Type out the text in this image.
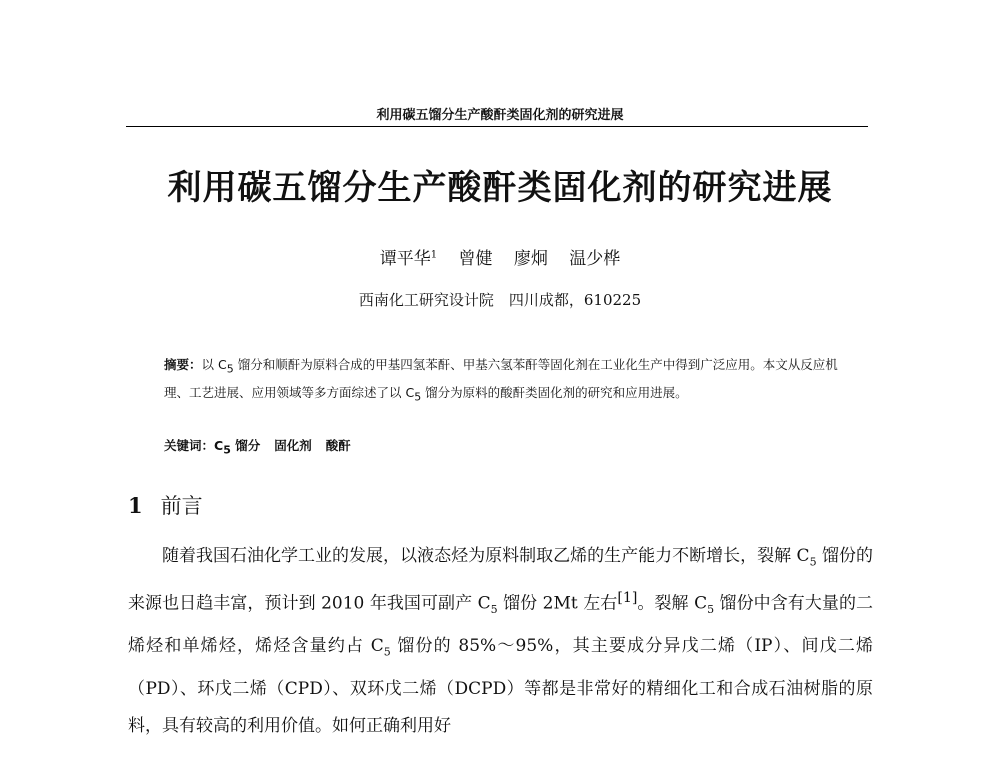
利用碳五馏分生产酸酐类固化剂的研究进展
利用碳五馏分生产酸酐类固化剂的研究进展
谭平华$^1$ 曾健 廖炯 温少桦
西南化工研究设计院　四川成都，610225
摘要：以 $C_5$ 馏分和顺酐为原料合成的甲基四氢苯酐、甲基六氢苯酐等固化剂在工业化生产中得到广泛应用。本文从反应机理、工艺进展、应用领域等多方面综述了以 $C_5$ 馏分为原料的酸酐类固化剂的研究和应用进展。
关键词：$C_5$ 馏分 固化剂 酸酐
1 前言

随着我国石油化学工业的发展，以液态烃为原料制取乙烯的生产能力不断增长，裂解 $C_5$ 馏份的来源也日趋丰富，预计到 2010 年我国可副产 $C_5$ 馏份 2Mt 左右[1]。裂解 $C_5$ 馏份中含有大量的二烯烃和单烯烃，烯烃含量约占 $C_5$ 馏份的 85%～95%，其主要成分异戊二烯（IP）、间戊二烯（PD）、环戊二烯（CPD）、双环戊二烯（DCPD）等都是非常好的精细化工和合成石油树脂的原料，具有较高的利用价值。如何正确利用好
